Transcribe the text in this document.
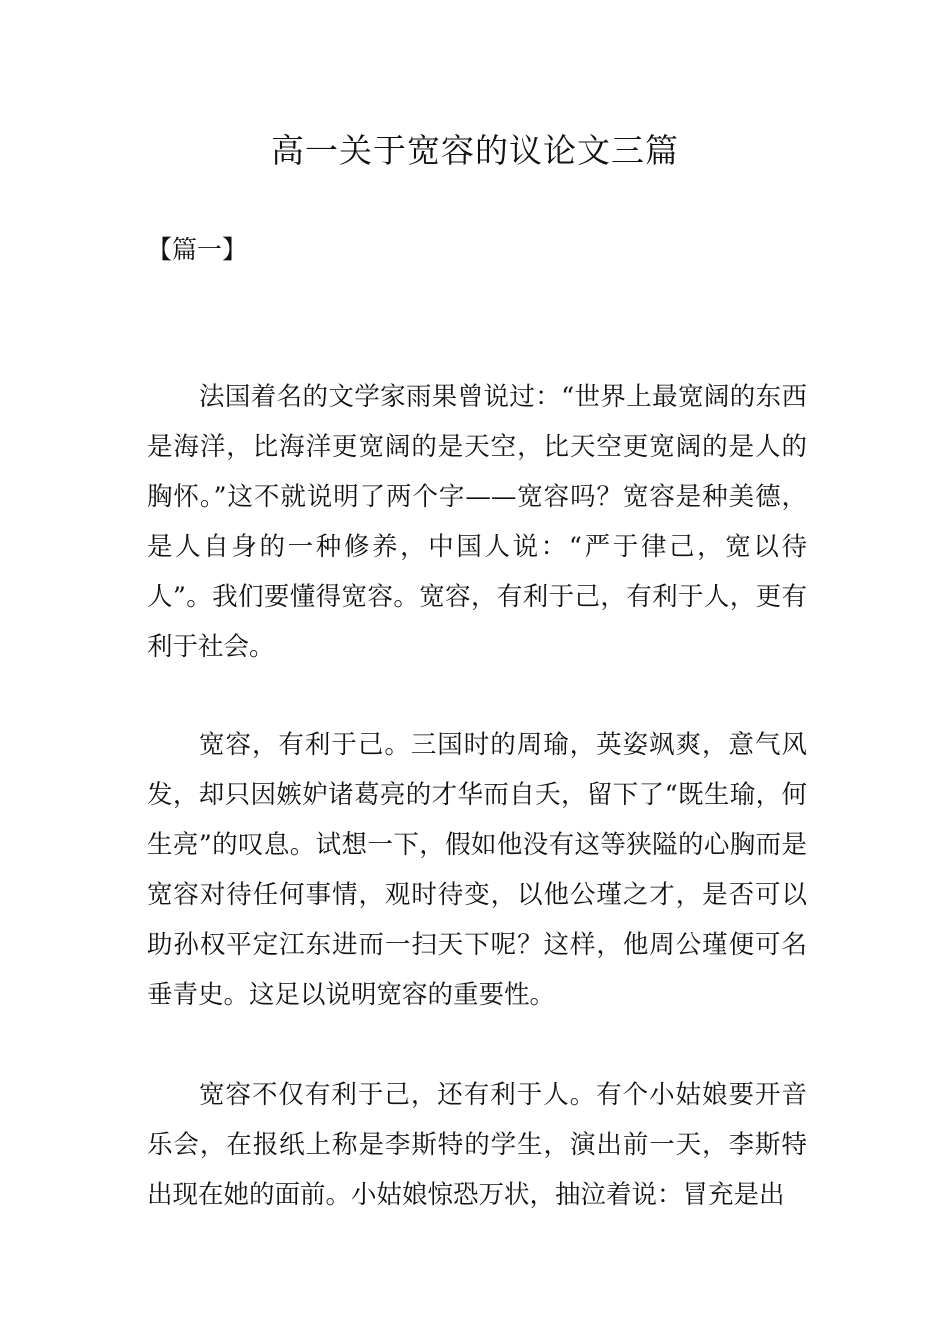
高一关于宽容的议论文三篇
【篇一】

法国着名的文学家雨果曾说过：“世界上最宽阔的东西是海洋，比海洋更宽阔的是天空，比天空更宽阔的是人的胸怀。”这不就说明了两个字——宽容吗？宽容是种美德，是人自身的一种修养，中国人说：“严于律己，宽以待人”。我们要懂得宽容。宽容，有利于己，有利于人，更有利于社会。

宽容，有利于己。三国时的周瑜，英姿飒爽，意气风发，却只因嫉妒诸葛亮的才华而自夭，留下了“既生瑜，何生亮”的叹息。试想一下，假如他没有这等狭隘的心胸而是宽容对待任何事情，观时待变，以他公瑾之才，是否可以助孙权平定江东进而一扫天下呢？这样，他周公瑾便可名垂青史。这足以说明宽容的重要性。

宽容不仅有利于己，还有利于人。有个小姑娘要开音乐会，在报纸上称是李斯特的学生，演出前一天，李斯特出现在她的面前。小姑娘惊恐万状，抽泣着说：冒充是出
